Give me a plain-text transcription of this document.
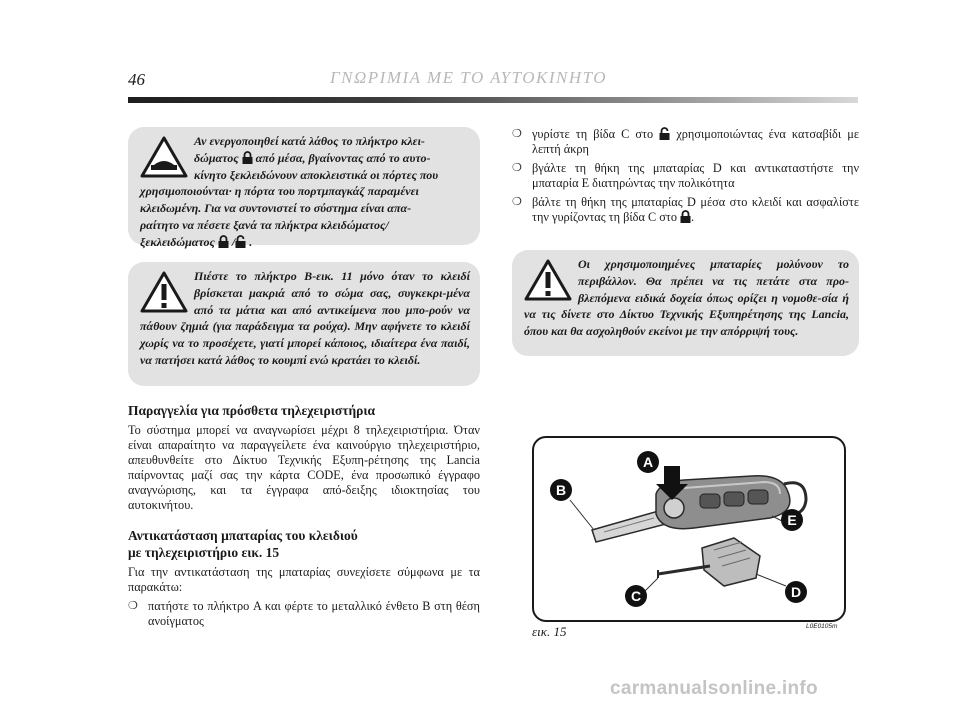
46	ΓΝΩΡΙΜΙΑ ΜΕ ΤΟ ΑΥΤΟΚΙΝΗΤΟ
Αν ενεργοποιηθεί κατά λάθος το πλήκτρο κλει-
δώματος  από μέσα, βγαίνοντας από το αυτο-
κίνητο ξεκλειδώνουν αποκλειστικά οι πόρτες που
χρησιμοποιούνται· η πόρτα του πορτμπαγκάζ παραμένει
κλειδωμένη. Για να συντονιστεί το σύστημα είναι απα-
ραίτητο να πέσετε ξανά τα πλήκτρα κλειδώματος/
ξεκλειδώματος  / .
Πιέστε το πλήκτρο B-εικ. 11 μόνο όταν το κλειδί βρίσκεται μακριά από το σώμα σας, συγκεκρι-μένα από τα μάτια και από αντικείμενα που μπο-ρούν να πάθουν ζημιά (για παράδειγμα τα ρούχα). Μην αφήνετε το κλειδί χωρίς να το προσέχετε, γιατί μπορεί κάποιος, ιδιαίτερα ένα παιδί, να πατήσει κατά λάθος το κουμπί ενώ κρατάει το κλειδί.
Παραγγελία για πρόσθετα τηλεχειριστήρια
Το σύστημα μπορεί να αναγνωρίσει μέχρι 8 τηλεχειριστήρια. Όταν είναι απαραίτητο να παραγγείλετε ένα καινούργιο τηλεχειριστήριο, απευθυνθείτε στο Δίκτυο Τεχνικής Εξυπη-ρέτησης της Lancia παίρνοντας μαζί σας την κάρτα CODE, ένα προσωπικό έγγραφο αναγνώρισης, και τα έγγραφα από-δειξης ιδιοκτησίας του αυτοκινήτου.
Αντικατάσταση μπαταρίας του κλειδιού
με τηλεχειριστήριο εικ. 15
Για την αντικατάσταση της μπαταρίας συνεχίσετε σύμφωνα με τα παρακάτω:
❍ πατήστε το πλήκτρο A και φέρτε το μεταλλικό ένθετο B στη θέση ανοίγματος
❍ γυρίστε τη βίδα C στο  χρησιμοποιώντας ένα κατσαβίδι με λεπτή άκρη
❍ βγάλτε τη θήκη της μπαταρίας D και αντικαταστήστε την μπαταρία E διατηρώντας την πολικότητα
❍ βάλτε τη θήκη της μπαταρίας D μέσα στο κλειδί και ασφαλίστε την γυρίζοντας τη βίδα C στο .
Οι χρησιμοποιημένες μπαταρίες μολύνουν το περιβάλλον. Θα πρέπει να τις πετάτε στα προ-βλεπόμενα ειδικά δοχεία όπως ορίζει η νομοθε-σία ή να τις δίνετε στο Δίκτυο Τεχνικής Εξυπηρέτησης της Lancia, όπου και θα ασχοληθούν εκείνοι με την απόρριψή τους.
A
B
C	D
E
εικ. 15	L0E0105m
carmanualsonline.info
